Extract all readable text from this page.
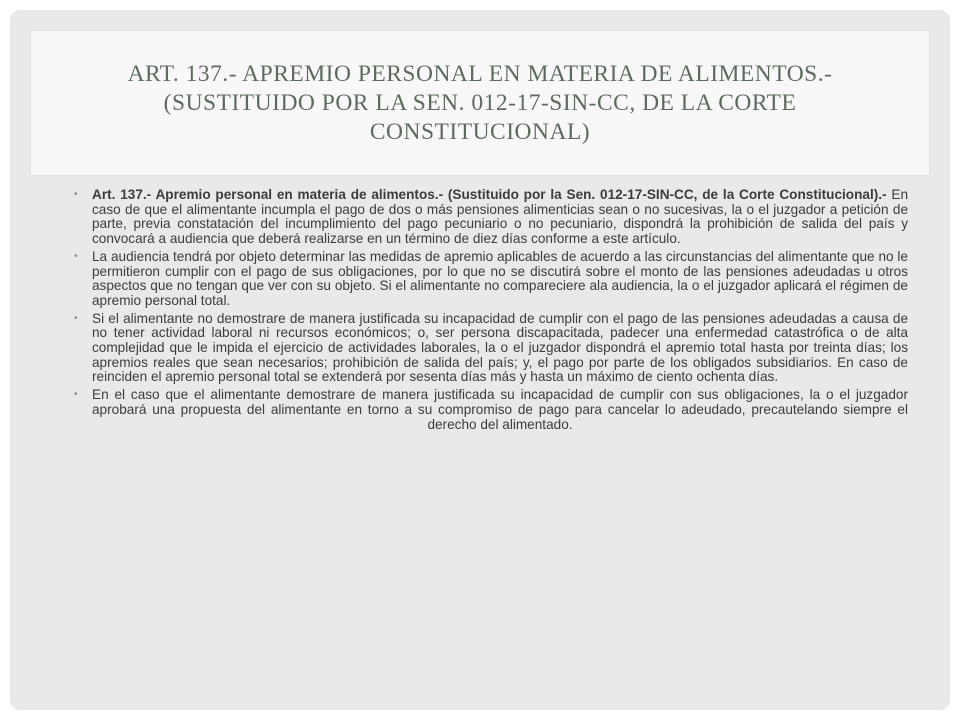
ART. 137.- APREMIO PERSONAL EN MATERIA DE ALIMENTOS.- (SUSTITUIDO POR LA SEN. 012-17-SIN-CC, DE LA CORTE CONSTITUCIONAL)
• Art. 137.- Apremio personal en materia de alimentos.- (Sustituido por la Sen. 012-17-SIN-CC, de la Corte Constitucional).- En caso de que el alimentante incumpla el pago de dos o más pensiones alimenticias sean o no sucesivas, la o el juzgador a petición de parte, previa constatación del incumplimiento del pago pecuniario o no pecuniario, dispondrá la prohibición de salida del país y convocará a audiencia que deberá realizarse en un término de diez días conforme a este artículo.
• La audiencia tendrá por objeto determinar las medidas de apremio aplicables de acuerdo a las circunstancias del alimentante que no le permitieron cumplir con el pago de sus obligaciones, por lo que no se discutirá sobre el monto de las pensiones adeudadas u otros aspectos que no tengan que ver con su objeto. Si el alimentante no compareciere ala audiencia, la o el juzgador aplicará el régimen de apremio personal total.
• Si el alimentante no demostrare de manera justificada su incapacidad de cumplir con el pago de las pensiones adeudadas a causa de no tener actividad laboral ni recursos económicos; o, ser persona discapacitada, padecer una enfermedad catastrófica o de alta complejidad que le impida el ejercicio de actividades laborales, la o el juzgador dispondrá el apremio total hasta por treinta días; los apremios reales que sean necesarios; prohibición de salida del país; y, el pago por parte de los obligados subsidiarios. En caso de reinciden el apremio personal total se extenderá por sesenta días más y hasta un máximo de ciento ochenta días.
• En el caso que el alimentante demostrare de manera justificada su incapacidad de cumplir con sus obligaciones, la o el juzgador aprobará una propuesta del alimentante en torno a su compromiso de pago para cancelar lo adeudado, precautelando siempre el derecho del alimentado.
